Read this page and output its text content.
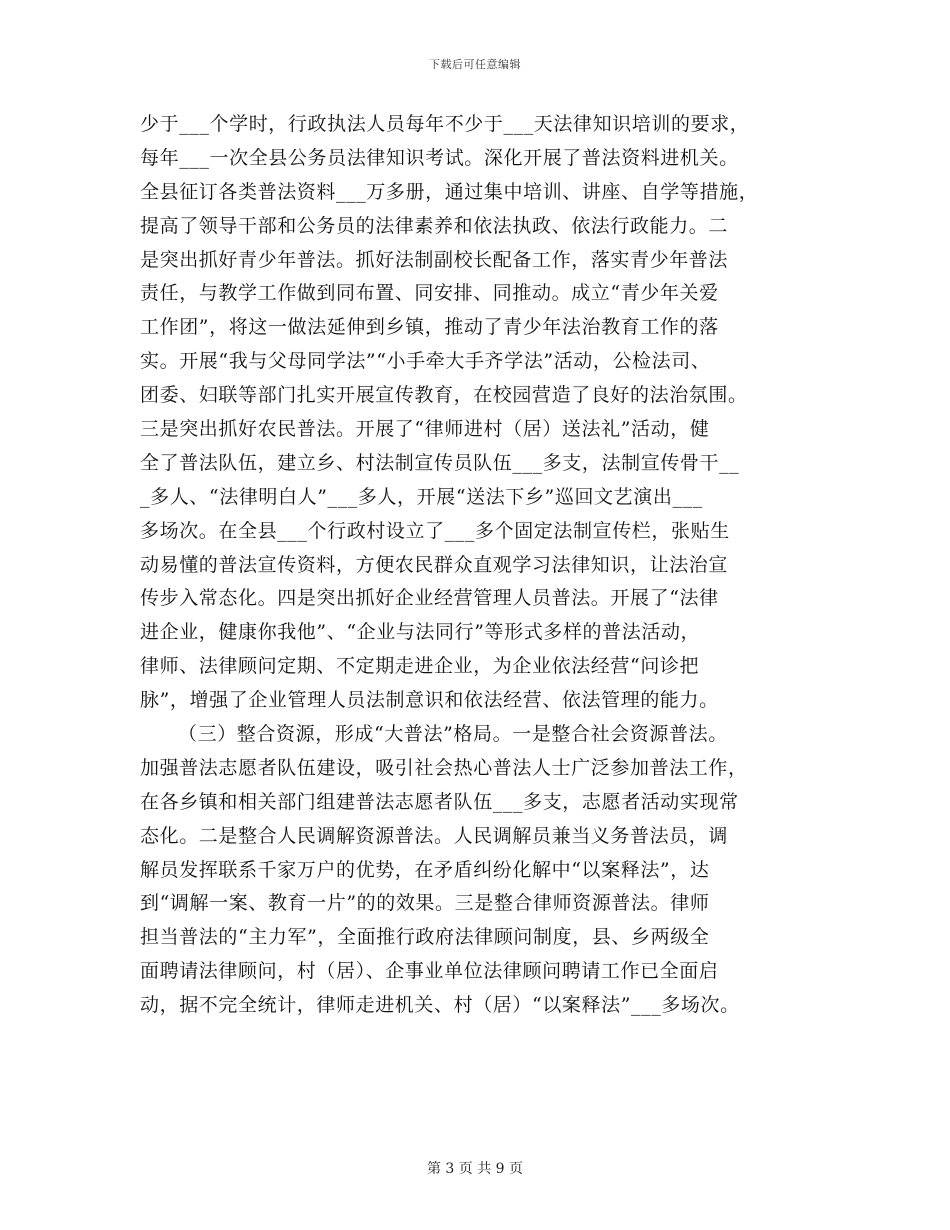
下载后可任意编辑
少于___个学时，行政执法人员每年不少于___天法律知识培训的要求，
每年___一次全县公务员法律知识考试。深化开展了普法资料进机关。
全县征订各类普法资料___万多册，通过集中培训、讲座、自学等措施，
提高了领导干部和公务员的法律素养和依法执政、依法行政能力。二
是突出抓好青少年普法。抓好法制副校长配备工作，落实青少年普法
责任，与教学工作做到同布置、同安排、同推动。成立“青少年关爱
工作团”，将这一做法延伸到乡镇，推动了青少年法治教育工作的落
实。开展“我与父母同学法”“小手牵大手齐学法”活动，公检法司、
团委、妇联等部门扎实开展宣传教育，在校园营造了良好的法治氛围。
三是突出抓好农民普法。开展了“律师进村（居）送法礼”活动，健
全了普法队伍，建立乡、村法制宣传员队伍___多支，法制宣传骨干__
_多人、“法律明白人”___多人，开展“送法下乡”巡回文艺演出___
多场次。在全县___个行政村设立了___多个固定法制宣传栏，张贴生
动易懂的普法宣传资料，方便农民群众直观学习法律知识，让法治宣
传步入常态化。四是突出抓好企业经营管理人员普法。开展了“法律
进企业，健康你我他”、“企业与法同行”等形式多样的普法活动，
律师、法律顾问定期、不定期走进企业，为企业依法经营“问诊把
脉”，增强了企业管理人员法制意识和依法经营、依法管理的能力。
（三）整合资源，形成“大普法”格局。一是整合社会资源普法。
加强普法志愿者队伍建设，吸引社会热心普法人士广泛参加普法工作，
在各乡镇和相关部门组建普法志愿者队伍___多支，志愿者活动实现常
态化。二是整合人民调解资源普法。人民调解员兼当义务普法员，调
解员发挥联系千家万户的优势，在矛盾纠纷化解中“以案释法”，达
到“调解一案、教育一片”的的效果。三是整合律师资源普法。律师
担当普法的“主力军”，全面推行政府法律顾问制度，县、乡两级全
面聘请法律顾问，村（居）、企事业单位法律顾问聘请工作已全面启
动，据不完全统计，律师走进机关、村（居）“以案释法”___多场次。
第 3 页 共 9 页
